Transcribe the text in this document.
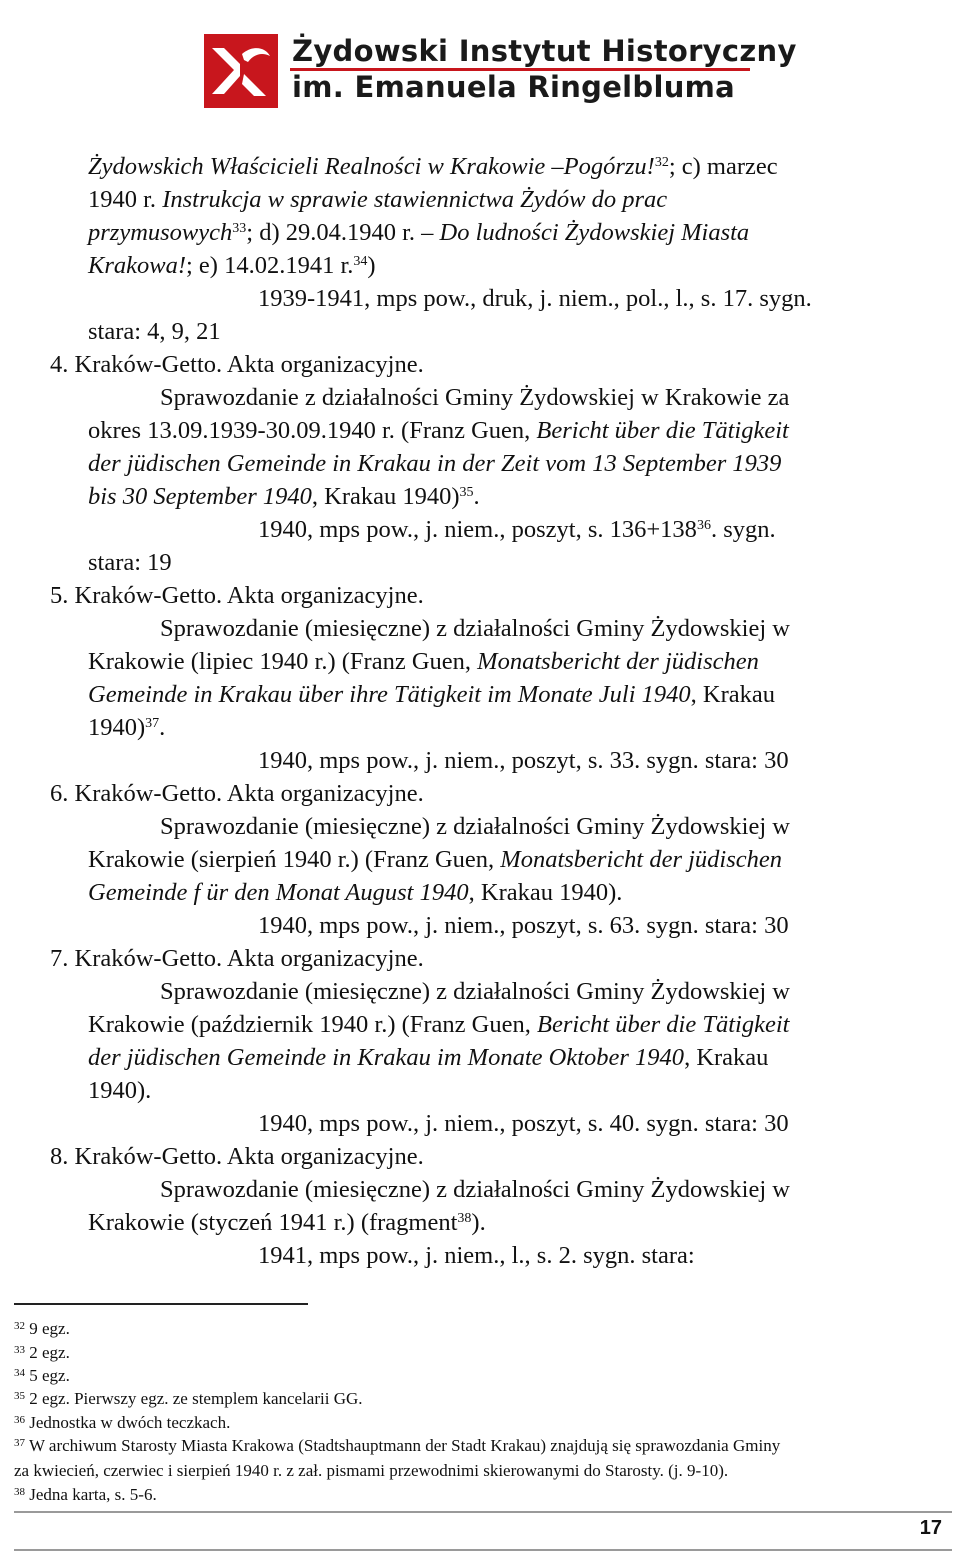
Żydowski Instytut Historyczny
im. Emanuela Ringelbluma
Żydowskich Właścicieli Realności w Krakowie –Pogórzu!$^{32}$; c) marzec
1940 r. Instrukcja w sprawie stawiennictwa Żydów do prac
przymusowych$^{33}$; d) 29.04.1940 r. – Do ludności Żydowskiej Miasta
Krakowa!; e) 14.02.1941 r.$^{34}$)
1939-1941, mps pow., druk, j. niem., pol., l., s. 17. sygn.
stara: 4, 9, 21
4. Kraków-Getto. Akta organizacyjne.
Sprawozdanie z działalności Gminy Żydowskiej w Krakowie za
okres 13.09.1939-30.09.1940 r. (Franz Guen, Bericht über die Tätigkeit
der jüdischen Gemeinde in Krakau in der Zeit vom 13 September 1939
bis 30 September 1940, Krakau 1940)$^{35}$.
1940, mps pow., j. niem., poszyt, s. $136+138^{36}$. sygn.
stara: 19
5. Kraków-Getto. Akta organizacyjne.
Sprawozdanie (miesięczne) z działalności Gminy Żydowskiej w
Krakowie (lipiec 1940 r.) (Franz Guen, Monatsbericht der jüdischen
Gemeinde in Krakau über ihre Tätigkeit im Monate Juli 1940, Krakau
1940)$^{37}$.
1940, mps pow., j. niem., poszyt, s. 33. sygn. stara: 30
6. Kraków-Getto. Akta organizacyjne.
Sprawozdanie (miesięczne) z działalności Gminy Żydowskiej w
Krakowie (sierpień 1940 r.) (Franz Guen, Monatsbericht der jüdischen
Gemeinde f ür den Monat August 1940, Krakau 1940).
1940, mps pow., j. niem., poszyt, s. 63. sygn. stara: 30
7. Kraków-Getto. Akta organizacyjne.
Sprawozdanie (miesięczne) z działalności Gminy Żydowskiej w
Krakowie (październik 1940 r.) (Franz Guen, Bericht über die Tätigkeit
der jüdischen Gemeinde in Krakau im Monate Oktober 1940, Krakau
1940).
1940, mps pow., j. niem., poszyt, s. 40. sygn. stara: 30
8. Kraków-Getto. Akta organizacyjne.
Sprawozdanie (miesięczne) z działalności Gminy Żydowskiej w
Krakowie (styczeń 1941 r.) (fragment$^{38}$).
1941, mps pow., j. niem., l., s. 2. sygn. stara:
$^{32}$ 9 egz.
$^{33}$ 2 egz.
$^{34}$ 5 egz.
$^{35}$ 2 egz. Pierwszy egz. ze stemplem kancelarii GG.
$^{36}$ Jednostka w dwóch teczkach.
$^{37}$ W archiwum Starosty Miasta Krakowa (Stadtshauptmann der Stadt Krakau) znajdują się sprawozdania Gminy
za kwiecień, czerwiec i sierpień 1940 r. z zał. pismami przewodnimi skierowanymi do Starosty. (j. 9-10).
$^{38}$ Jedna karta, s. 5-6.
17
